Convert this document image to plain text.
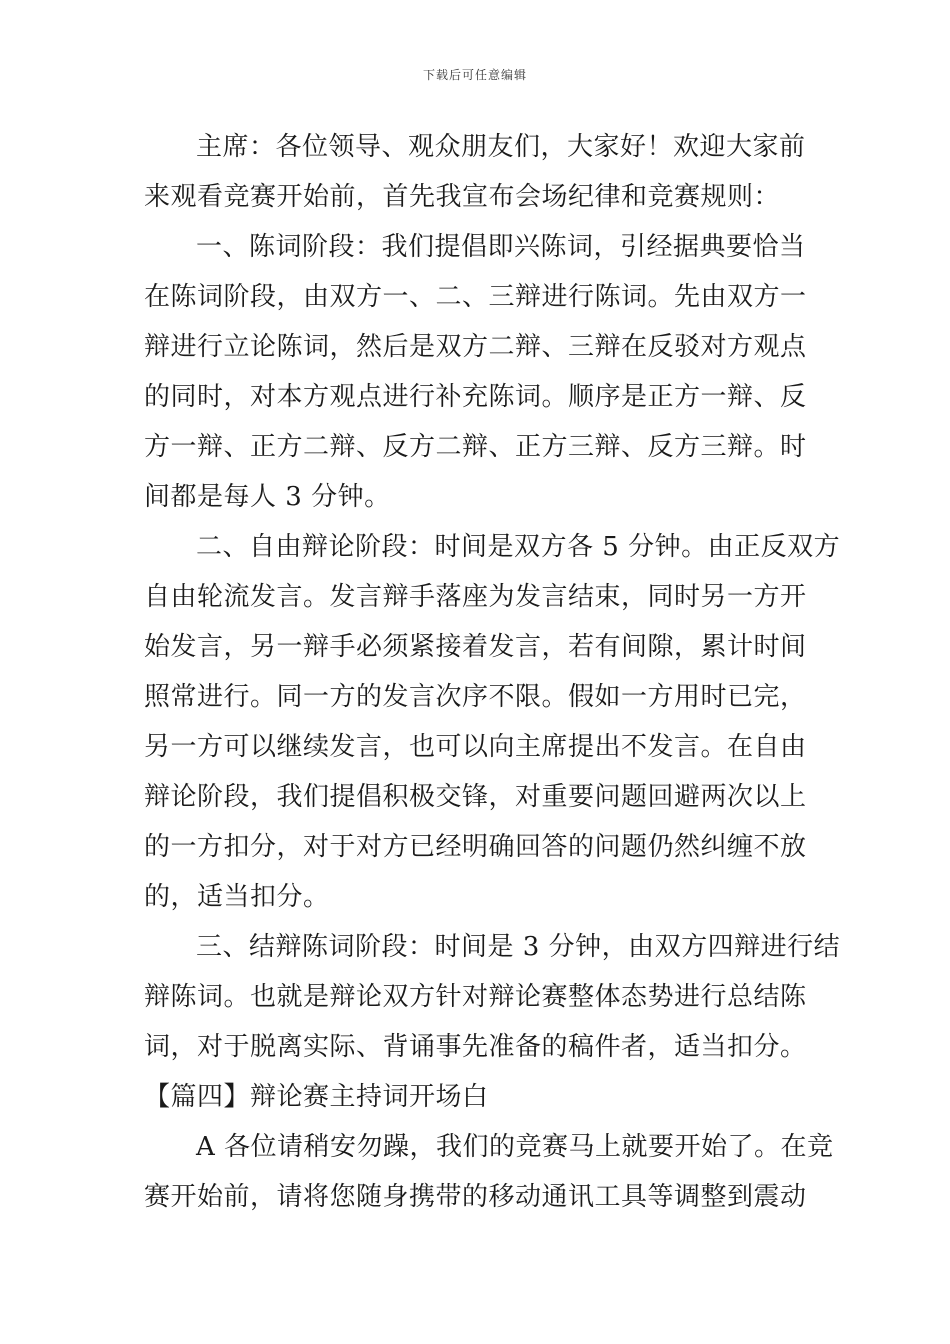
下载后可任意编辑
主席：各位领导、观众朋友们，大家好！欢迎大家前
来观看竞赛开始前，首先我宣布会场纪律和竞赛规则：
一、陈词阶段：我们提倡即兴陈词，引经据典要恰当
在陈词阶段，由双方一、二、三辩进行陈词。先由双方一
辩进行立论陈词，然后是双方二辩、三辩在反驳对方观点
的同时，对本方观点进行补充陈词。顺序是正方一辩、反
方一辩、正方二辩、反方二辩、正方三辩、反方三辩。时
间都是每人 3 分钟。
二、自由辩论阶段：时间是双方各 5 分钟。由正反双方
自由轮流发言。发言辩手落座为发言结束，同时另一方开
始发言，另一辩手必须紧接着发言，若有间隙，累计时间
照常进行。同一方的发言次序不限。假如一方用时已完，
另一方可以继续发言，也可以向主席提出不发言。在自由
辩论阶段，我们提倡积极交锋，对重要问题回避两次以上
的一方扣分，对于对方已经明确回答的问题仍然纠缠不放
的，适当扣分。
三、结辩陈词阶段：时间是 3 分钟，由双方四辩进行结
辩陈词。也就是辩论双方针对辩论赛整体态势进行总结陈
词，对于脱离实际、背诵事先准备的稿件者，适当扣分。
【篇四】辩论赛主持词开场白
A 各位请稍安勿躁，我们的竞赛马上就要开始了。在竞
赛开始前，请将您随身携带的移动通讯工具等调整到震动
